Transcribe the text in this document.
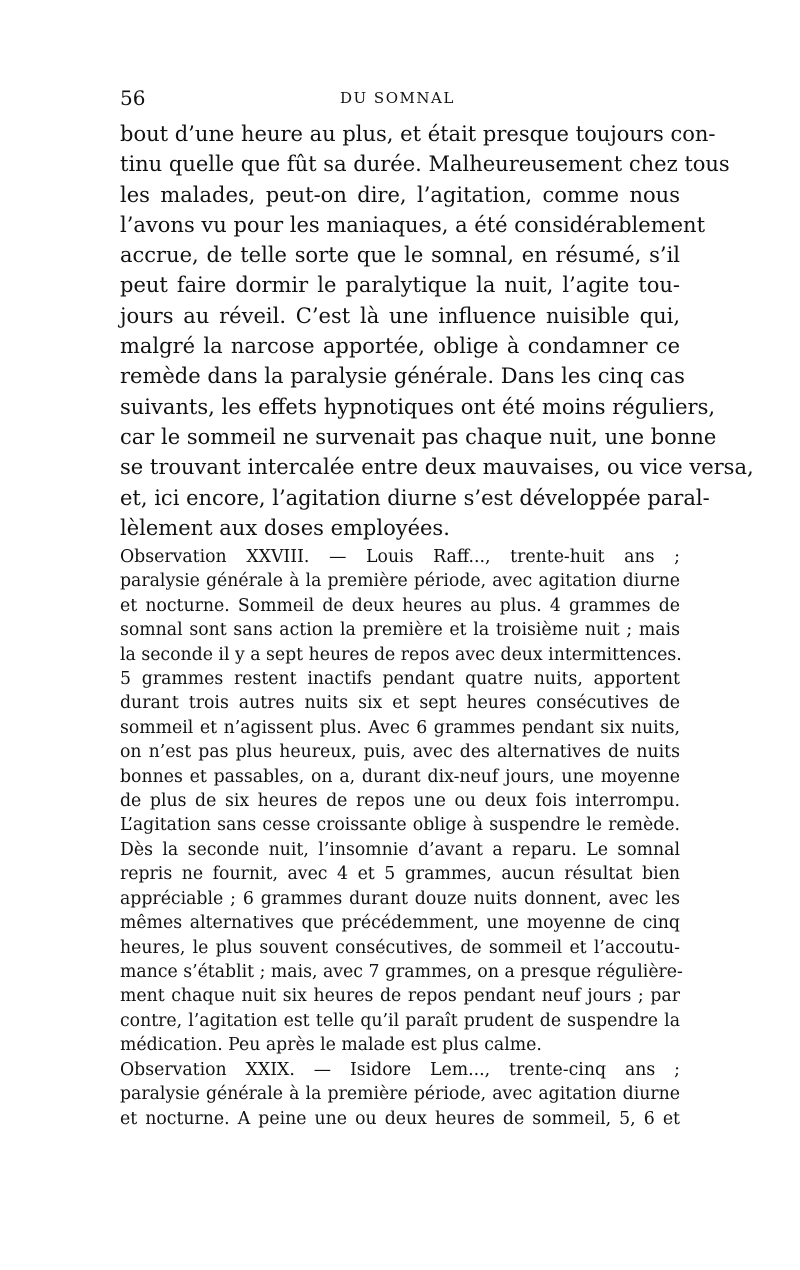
56	DU SOMNAL
bout d’une heure au plus, et était presque toujours con-
tinu quelle que fût sa durée. Malheureusement chez tous
les malades, peut-on dire, l’agitation, comme nous
l’avons vu pour les maniaques, a été considérablement
accrue, de telle sorte que le somnal, en résumé, s’il
peut faire dormir le paralytique la nuit, l’agite tou-
jours au réveil. C’est là une influence nuisible qui,
malgré la narcose apportée, oblige à condamner ce
remède dans la paralysie générale. Dans les cinq cas
suivants, les effets hypnotiques ont été moins réguliers,
car le sommeil ne survenait pas chaque nuit, une bonne
se trouvant intercalée entre deux mauvaises, ou vice versa,
et, ici encore, l’agitation diurne s’est développée paral-
lèlement aux doses employées.
Observation XXVIII. — Louis Raff..., trente-huit ans ;
paralysie générale à la première période, avec agitation diurne
et nocturne. Sommeil de deux heures au plus. 4 grammes de
somnal sont sans action la première et la troisième nuit ; mais
la seconde il y a sept heures de repos avec deux intermittences.
5 grammes restent inactifs pendant quatre nuits, apportent
durant trois autres nuits six et sept heures consécutives de
sommeil et n’agissent plus. Avec 6 grammes pendant six nuits,
on n’est pas plus heureux, puis, avec des alternatives de nuits
bonnes et passables, on a, durant dix-neuf jours, une moyenne
de plus de six heures de repos une ou deux fois interrompu.
L’agitation sans cesse croissante oblige à suspendre le remède.
Dès la seconde nuit, l’insomnie d’avant a reparu. Le somnal
repris ne fournit, avec 4 et 5 grammes, aucun résultat bien
appréciable ; 6 grammes durant douze nuits donnent, avec les
mêmes alternatives que précédemment, une moyenne de cinq
heures, le plus souvent consécutives, de sommeil et l’accoutu-
mance s’établit ; mais, avec 7 grammes, on a presque régulière-
ment chaque nuit six heures de repos pendant neuf jours ; par
contre, l’agitation est telle qu’il paraît prudent de suspendre la
médication. Peu après le malade est plus calme.
Observation XXIX. — Isidore Lem..., trente-cinq ans ;
paralysie générale à la première période, avec agitation diurne
et nocturne. A peine une ou deux heures de sommeil, 5, 6 et
